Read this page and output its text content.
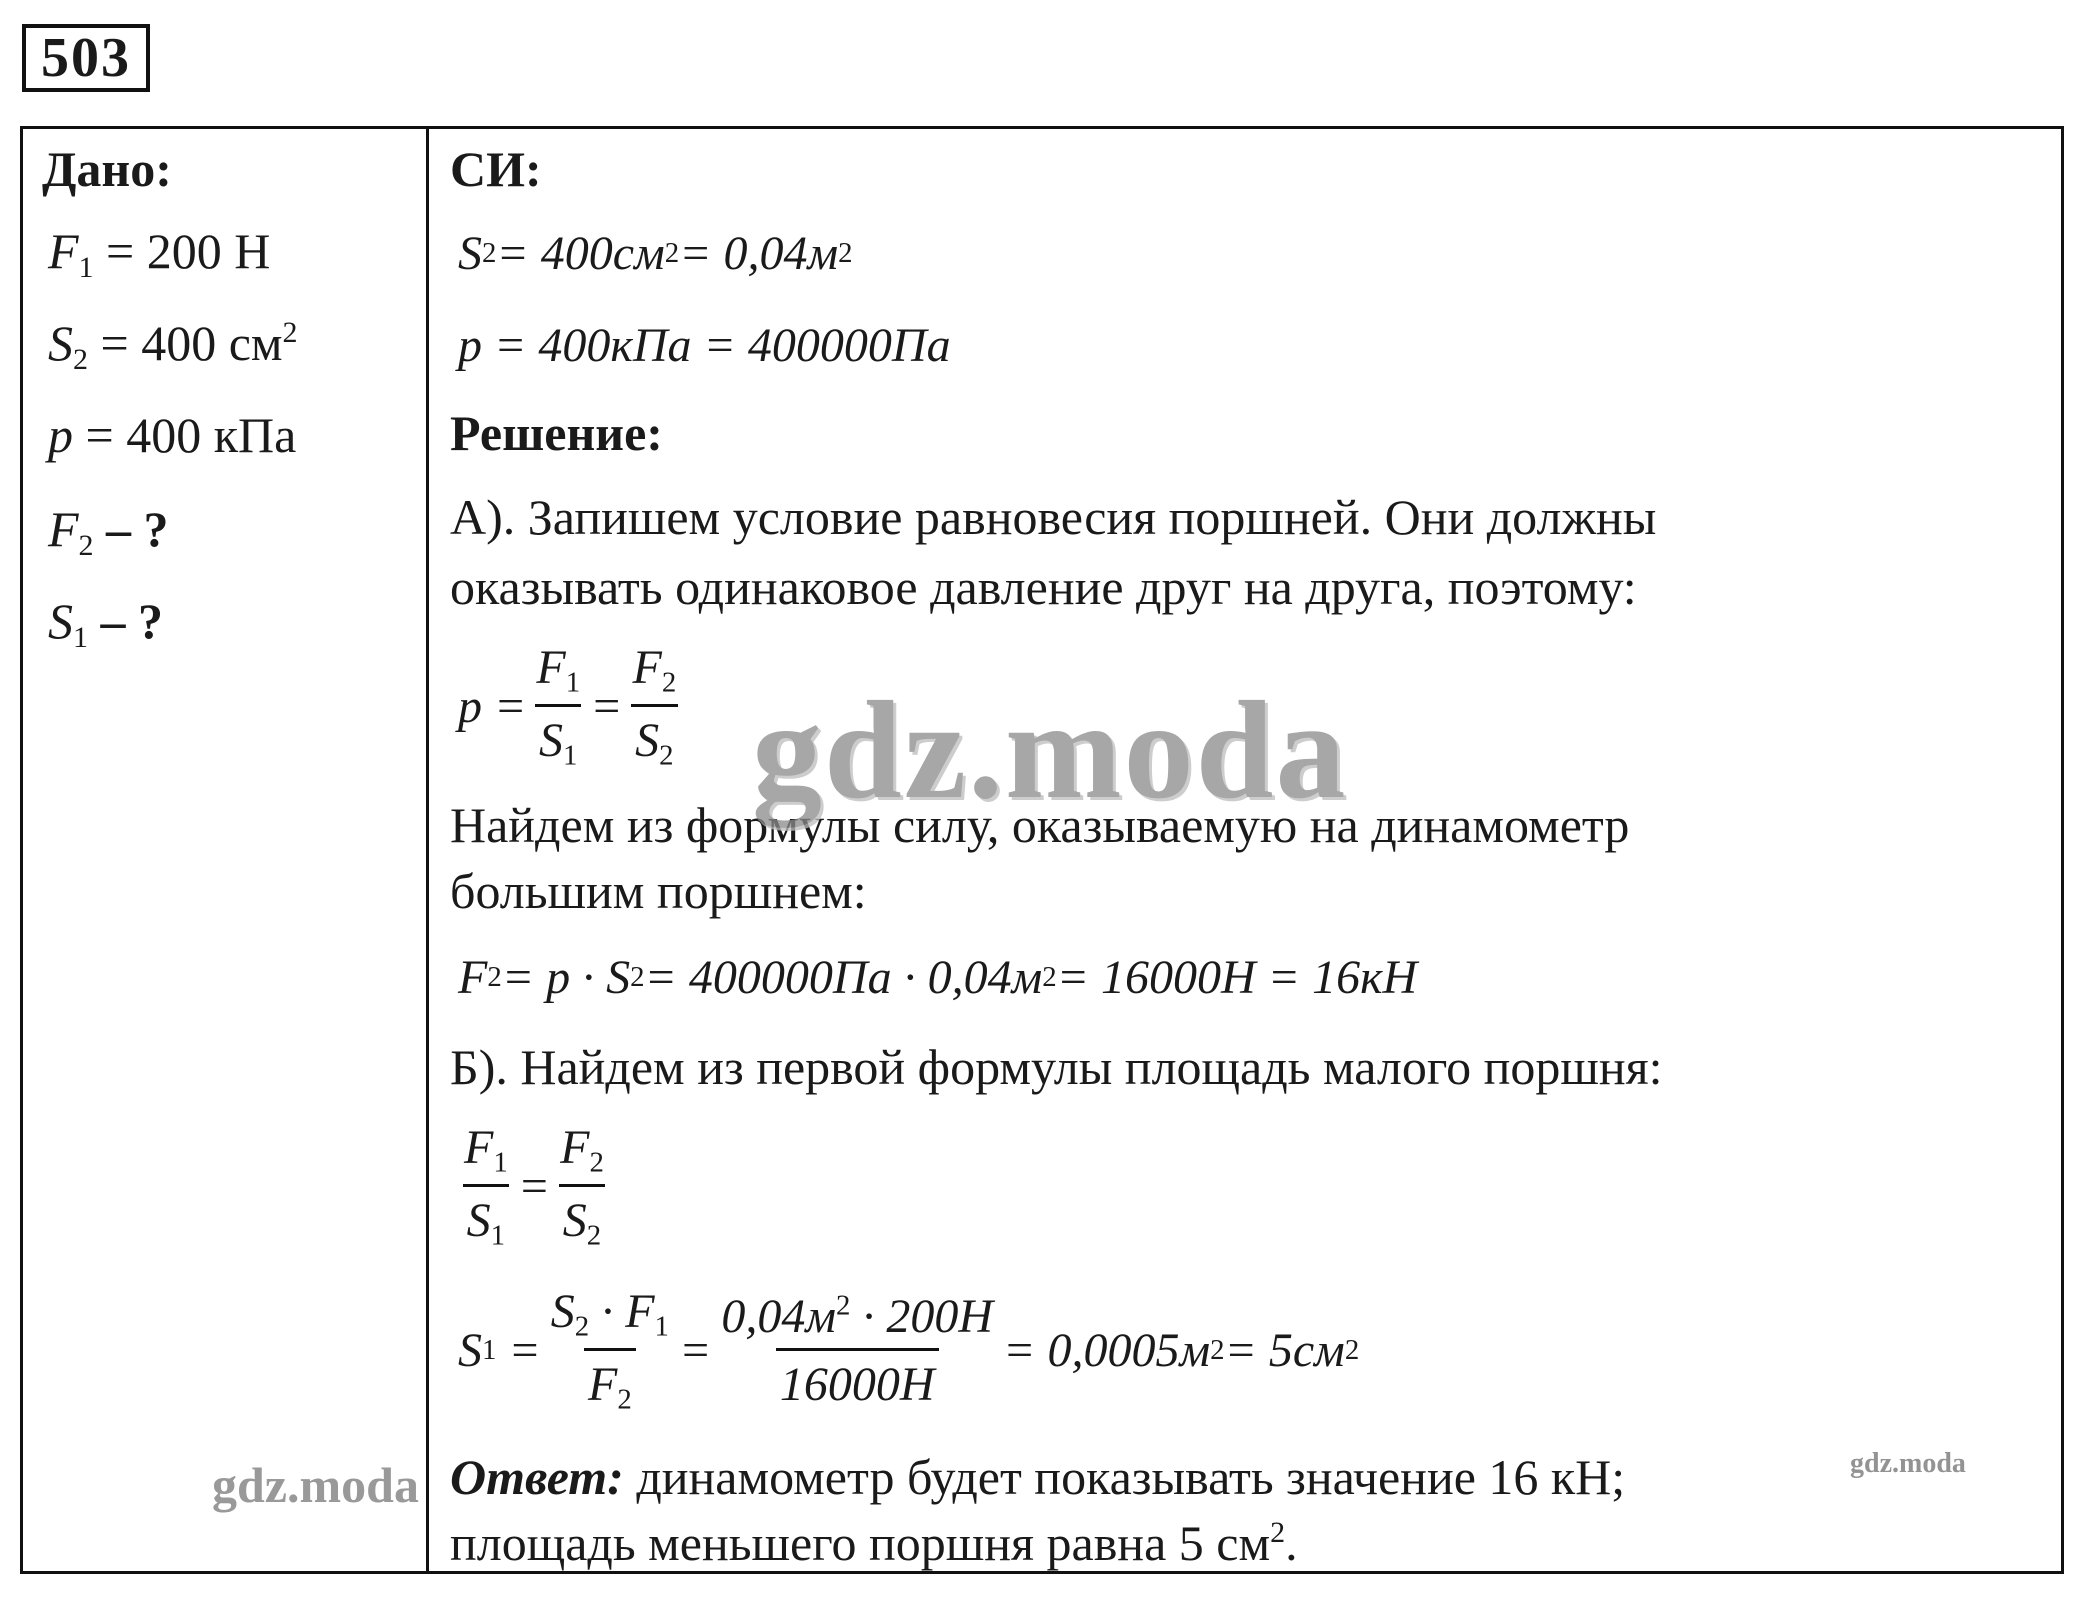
503
Дано:
$F_1 = 200$ Н
$S_2 = 400$ $см^2$
p = 400 кПа
$F_2$ – ?
$S_1$ – ?
СИ:
S 2 = 400см 2 = 0,04м 2
p = 400кПа = 400000Па
Решение:
А). Запишем условие равновесия поршней. Они должны
оказывать одинаковое давление друг на друга, поэтому:
$p = \frac{F_1}{S_1} = \frac{F_2}{S_2}$
Найдем из формулы силу, оказываемую на динамометр
большим поршнем:
F 2 = p · S 2 = 400000Па · 0,04м 2 = 16000Н = 16кН
Б). Найдем из первой формулы площадь малого поршня:
$\frac{F_1}{S_1} = \frac{F_2}{S_2}$
S $1 = \frac{S_2 \cdot F_1}{F_2} = \frac{0,04м^2 \cdot 200Н}{16000Н} = 0,0005м$ 2 = 5см 2
Ответ: динамометр будет показывать значение 16 кН;
площадь меньшего поршня равна 5 $см^2$.
gdz.moda
gdz.moda	gdz.moda
